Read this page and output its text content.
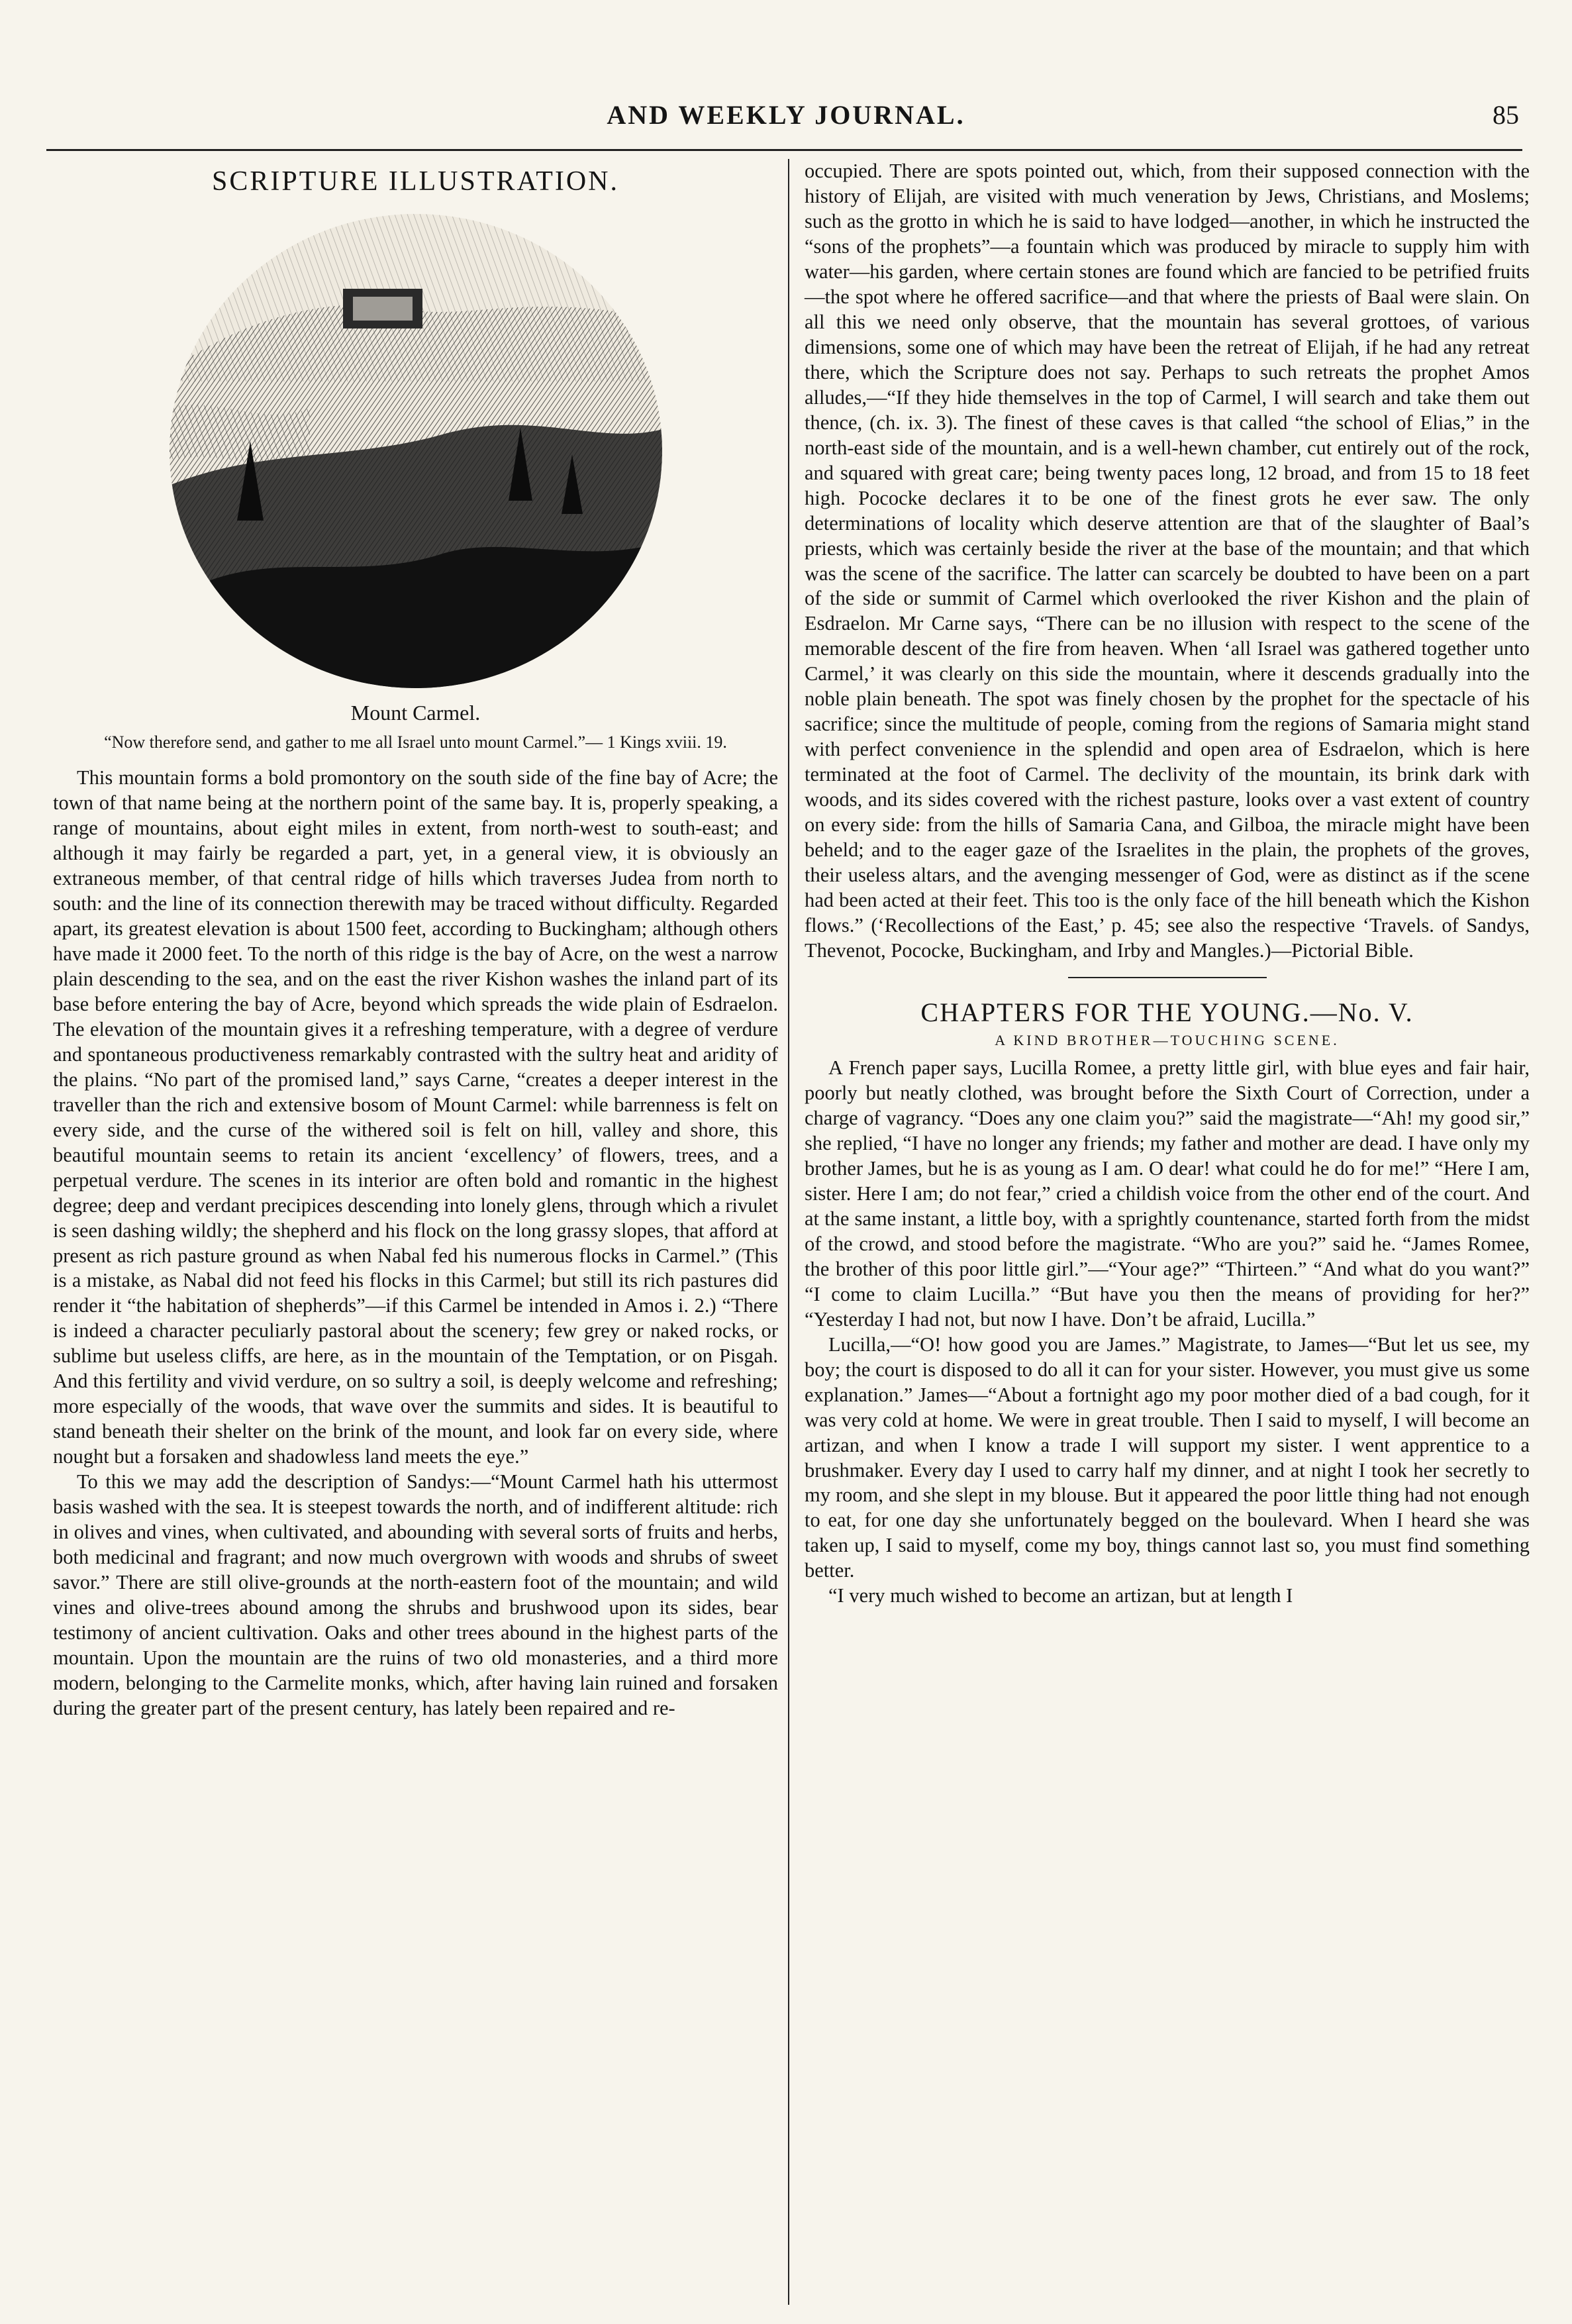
AND WEEKLY JOURNAL.	85
SCRIPTURE ILLUSTRATION.
Mount Carmel.
“Now therefore send, and gather to me all Israel unto mount Carmel.”— 1 Kings xviii. 19.

This mountain forms a bold promontory on the south side of the fine bay of Acre; the town of that name being at the northern point of the same bay. It is, properly speaking, a range of mountains, about eight miles in extent, from north-west to south-east; and although it may fairly be regarded a part, yet, in a general view, it is obviously an extraneous member, of that central ridge of hills which traverses Judea from north to south: and the line of its connection therewith may be traced without difficulty. Regarded apart, its greatest elevation is about 1500 feet, according to Buckingham; although others have made it 2000 feet. To the north of this ridge is the bay of Acre, on the west a narrow plain descending to the sea, and on the east the river Kishon washes the inland part of its base before entering the bay of Acre, beyond which spreads the wide plain of Esdraelon. The elevation of the mountain gives it a refreshing temperature, with a degree of verdure and spontaneous productiveness remarkably contrasted with the sultry heat and aridity of the plains. “No part of the promised land,” says Carne, “creates a deeper interest in the traveller than the rich and extensive bosom of Mount Carmel: while barrenness is felt on every side, and the curse of the withered soil is felt on hill, valley and shore, this beautiful mountain seems to retain its ancient ‘excellency’ of flowers, trees, and a perpetual verdure. The scenes in its interior are often bold and romantic in the highest degree; deep and verdant precipices descending into lonely glens, through which a rivulet is seen dashing wildly; the shepherd and his flock on the long grassy slopes, that afford at present as rich pasture ground as when Nabal fed his numerous flocks in Carmel.” (This is a mistake, as Nabal did not feed his flocks in this Carmel; but still its rich pastures did render it “the habitation of shepherds”—if this Carmel be intended in Amos i. 2.) “There is indeed a character peculiarly pastoral about the scenery; few grey or naked rocks, or sublime but useless cliffs, are here, as in the mountain of the Temptation, or on Pisgah. And this fertility and vivid verdure, on so sultry a soil, is deeply welcome and refreshing; more especially of the woods, that wave over the summits and sides. It is beautiful to stand beneath their shelter on the brink of the mount, and look far on every side, where nought but a forsaken and shadowless land meets the eye.”

To this we may add the description of Sandys:—“Mount Carmel hath his uttermost basis washed with the sea. It is steepest towards the north, and of indifferent altitude: rich in olives and vines, when cultivated, and abounding with several sorts of fruits and herbs, both medicinal and fragrant; and now much overgrown with woods and shrubs of sweet savor.” There are still olive-grounds at the north-eastern foot of the mountain; and wild vines and olive-trees abound among the shrubs and brushwood upon its sides, bear testimony of ancient cultivation. Oaks and other trees abound in the highest parts of the mountain. Upon the mountain are the ruins of two old monasteries, and a third more modern, belonging to the Carmelite monks, which, after having lain ruined and forsaken during the greater part of the present century, has lately been repaired and re-

occupied. There are spots pointed out, which, from their supposed connection with the history of Elijah, are visited with much veneration by Jews, Christians, and Moslems; such as the grotto in which he is said to have lodged—another, in which he instructed the “sons of the prophets”—a fountain which was produced by miracle to supply him with water—his garden, where certain stones are found which are fancied to be petrified fruits—the spot where he offered sacrifice—and that where the priests of Baal were slain. On all this we need only observe, that the mountain has several grottoes, of various dimensions, some one of which may have been the retreat of Elijah, if he had any retreat there, which the Scripture does not say. Perhaps to such retreats the prophet Amos alludes,—“If they hide themselves in the top of Carmel, I will search and take them out thence, (ch. ix. 3). The finest of these caves is that called “the school of Elias,” in the north-east side of the mountain, and is a well-hewn chamber, cut entirely out of the rock, and squared with great care; being twenty paces long, 12 broad, and from 15 to 18 feet high. Pococke declares it to be one of the finest grots he ever saw. The only determinations of locality which deserve attention are that of the slaughter of Baal’s priests, which was certainly beside the river at the base of the mountain; and that which was the scene of the sacrifice. The latter can scarcely be doubted to have been on a part of the side or summit of Carmel which overlooked the river Kishon and the plain of Esdraelon. Mr Carne says, “There can be no illusion with respect to the scene of the memorable descent of the fire from heaven. When ‘all Israel was gathered together unto Carmel,’ it was clearly on this side the mountain, where it descends gradually into the noble plain beneath. The spot was finely chosen by the prophet for the spectacle of his sacrifice; since the multitude of people, coming from the regions of Samaria might stand with perfect convenience in the splendid and open area of Esdraelon, which is here terminated at the foot of Carmel. The declivity of the mountain, its brink dark with woods, and its sides covered with the richest pasture, looks over a vast extent of country on every side: from the hills of Samaria Cana, and Gilboa, the miracle might have been beheld; and to the eager gaze of the Israelites in the plain, the prophets of the groves, their useless altars, and the avenging messenger of God, were as distinct as if the scene had been acted at their feet. This too is the only face of the hill beneath which the Kishon flows.” (‘Recollections of the East,’ p. 45; see also the respective ‘Travels. of Sandys, Thevenot, Pococke, Buckingham, and Irby and Mangles.)—Pictorial Bible.

CHAPTERS FOR THE YOUNG.—No. V.
A KIND BROTHER—TOUCHING SCENE.

A French paper says, Lucilla Romee, a pretty little girl, with blue eyes and fair hair, poorly but neatly clothed, was brought before the Sixth Court of Correction, under a charge of vagrancy. “Does any one claim you?” said the magistrate—“Ah! my good sir,” she replied, “I have no longer any friends; my father and mother are dead. I have only my brother James, but he is as young as I am. O dear! what could he do for me!” “Here I am, sister. Here I am; do not fear,” cried a childish voice from the other end of the court. And at the same instant, a little boy, with a sprightly countenance, started forth from the midst of the crowd, and stood before the magistrate. “Who are you?” said he. “James Romee, the brother of this poor little girl.”—“Your age?” “Thirteen.” “And what do you want?” “I come to claim Lucilla.” “But have you then the means of providing for her?” “Yesterday I had not, but now I have. Don’t be afraid, Lucilla.”

Lucilla,—“O! how good you are James.” Magistrate, to James—“But let us see, my boy; the court is disposed to do all it can for your sister. However, you must give us some explanation.” James—“About a fortnight ago my poor mother died of a bad cough, for it was very cold at home. We were in great trouble. Then I said to myself, I will become an artizan, and when I know a trade I will support my sister. I went apprentice to a brushmaker. Every day I used to carry half my dinner, and at night I took her secretly to my room, and she slept in my blouse. But it appeared the poor little thing had not enough to eat, for one day she unfortunately begged on the boulevard. When I heard she was taken up, I said to myself, come my boy, things cannot last so, you must find something better.

“I very much wished to become an artizan, but at length I
